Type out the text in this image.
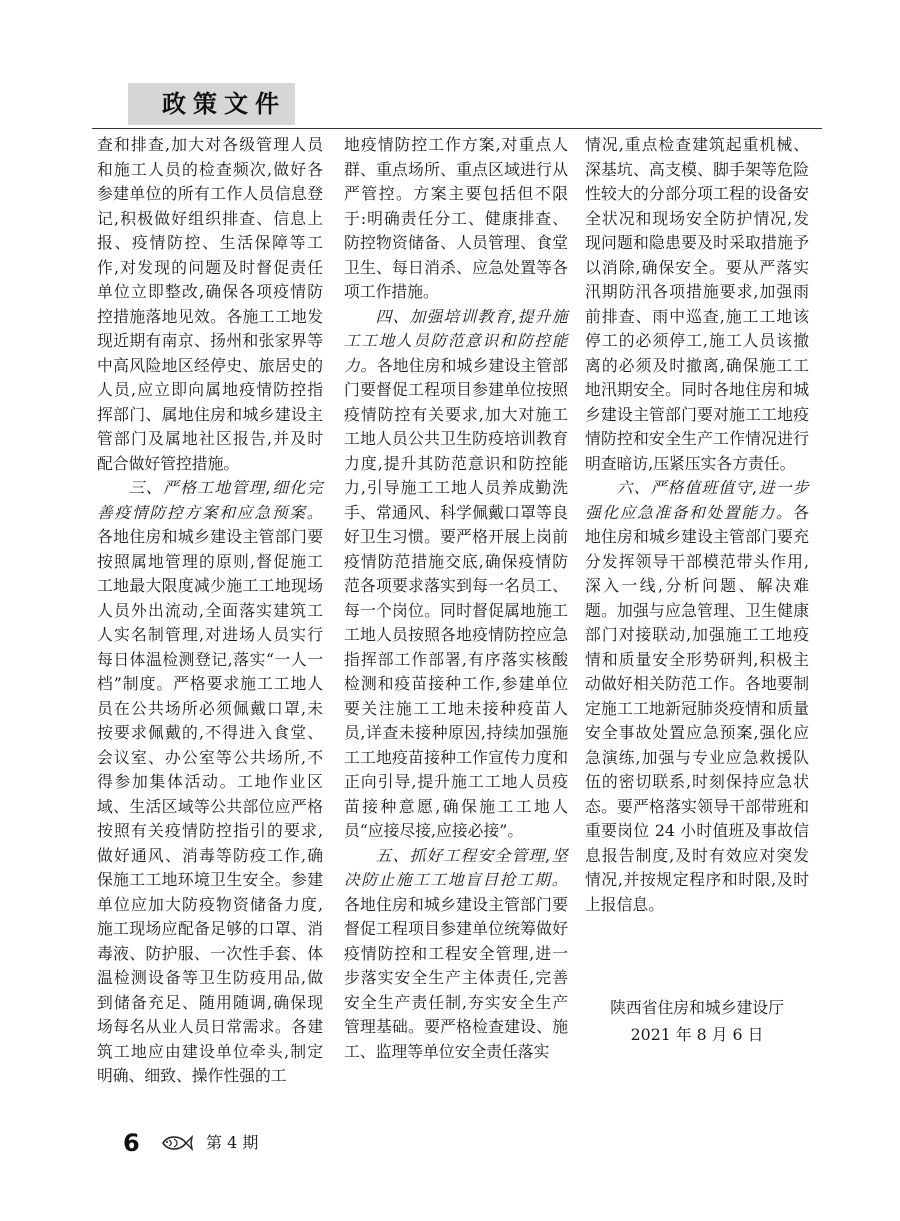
政策文件

查和排查,加大对各级管理人员和施工人员的检查频次,做好各参建单位的所有工作人员信息登记,积极做好组织排查、信息上报、疫情防控、生活保障等工作,对发现的问题及时督促责任单位立即整改,确保各项疫情防控措施落地见效。各施工工地发现近期有南京、扬州和张家界等中高风险地区经停史、旅居史的人员,应立即向属地疫情防控指挥部门、属地住房和城乡建设主管部门及属地社区报告,并及时配合做好管控措施。

三、严格工地管理,细化完善疫情防控方案和应急预案。各地住房和城乡建设主管部门要按照属地管理的原则,督促施工工地最大限度减少施工工地现场人员外出流动,全面落实建筑工人实名制管理,对进场人员实行每日体温检测登记,落实“一人一档”制度。严格要求施工工地人员在公共场所必须佩戴口罩,未按要求佩戴的,不得进入食堂、会议室、办公室等公共场所,不得参加集体活动。工地作业区域、生活区域等公共部位应严格按照有关疫情防控指引的要求,做好通风、消毒等防疫工作,确保施工工地环境卫生安全。参建单位应加大防疫物资储备力度,施工现场应配备足够的口罩、消毒液、防护服、一次性手套、体温检测设备等卫生防疫用品,做到储备充足、随用随调,确保现场每名从业人员日常需求。各建筑工地应由建设单位牵头,制定明确、细致、操作性强的工

地疫情防控工作方案,对重点人群、重点场所、重点区域进行从严管控。方案主要包括但不限于:明确责任分工、健康排查、防控物资储备、人员管理、食堂卫生、每日消杀、应急处置等各项工作措施。

四、加强培训教育,提升施工工地人员防范意识和防控能力。各地住房和城乡建设主管部门要督促工程项目参建单位按照疫情防控有关要求,加大对施工工地人员公共卫生防疫培训教育力度,提升其防范意识和防控能力,引导施工工地人员养成勤洗手、常通风、科学佩戴口罩等良好卫生习惯。要严格开展上岗前疫情防范措施交底,确保疫情防范各项要求落实到每一名员工、每一个岗位。同时督促属地施工工地人员按照各地疫情防控应急指挥部工作部署,有序落实核酸检测和疫苗接种工作,参建单位要关注施工工地未接种疫苗人员,详查未接种原因,持续加强施工工地疫苗接种工作宣传力度和正向引导,提升施工工地人员疫苗接种意愿,确保施工工地人员“应接尽接,应接必接”。

五、抓好工程安全管理,坚决防止施工工地盲目抢工期。各地住房和城乡建设主管部门要督促工程项目参建单位统筹做好疫情防控和工程安全管理,进一步落实安全生产主体责任,完善安全生产责任制,夯实安全生产管理基础。要严格检查建设、施工、监理等单位安全责任落实

情况,重点检查建筑起重机械、深基坑、高支模、脚手架等危险性较大的分部分项工程的设备安全状况和现场安全防护情况,发现问题和隐患要及时采取措施予以消除,确保安全。要从严落实汛期防汛各项措施要求,加强雨前排查、雨中巡查,施工工地该停工的必须停工,施工人员该撤离的必须及时撤离,确保施工工地汛期安全。同时各地住房和城乡建设主管部门要对施工工地疫情防控和安全生产工作情况进行明查暗访,压紧压实各方责任。

六、严格值班值守,进一步强化应急准备和处置能力。各地住房和城乡建设主管部门要充分发挥领导干部模范带头作用,深入一线,分析问题、解决难题。加强与应急管理、卫生健康部门对接联动,加强施工工地疫情和质量安全形势研判,积极主动做好相关防范工作。各地要制定施工工地新冠肺炎疫情和质量安全事故处置应急预案,强化应急演练,加强与专业应急救援队伍的密切联系,时刻保持应急状态。要严格落实领导干部带班和重要岗位 24 小时值班及事故信息报告制度,及时有效应对突发情况,并按规定程序和时限,及时上报信息。

陕西省住房和城乡建设厅
2021 年 8 月 6 日
6	第 4 期
